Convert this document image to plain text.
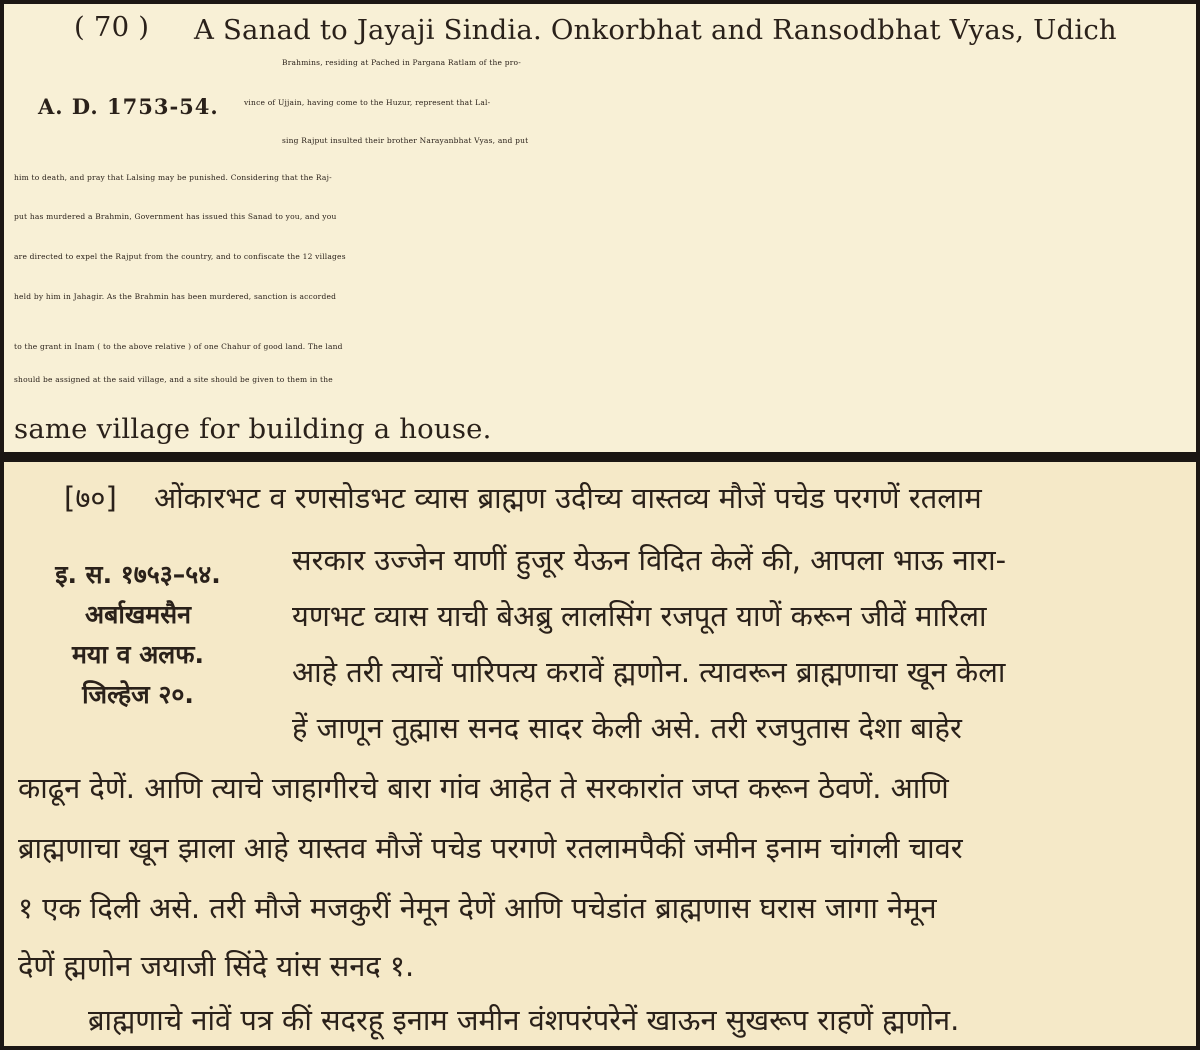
( 70 ) A Sanad to Jayaji Sindia. Onkorbhat and Ransodbhat Vyas, Udich
A. D. 1753-54.
Brahmins, residing at Pached in Pargana Ratlam of the pro-
vince of Ujjain, having come to the Huzur, represent that Lal-
sing Rajput insulted their brother Narayanbhat Vyas, and put
him to death, and pray that Lalsing may be punished. Considering that the Raj-
put has murdered a Brahmin, Government has issued this Sanad to you, and you
are directed to expel the Rajput from the country, and to confiscate the 12 villages
held by him in Jahagir. As the Brahmin has been murdered, sanction is accorded
to the grant in Inam ( to the above relative ) of one Chahur of good land. The land
should be assigned at the said village, and a site should be given to them in the
same village for building a house.
[७०] ओंकारभट व रणसोडभट व्यास ब्राह्मण उदीच्य वास्तव्य मौजें पचेड परगणें रतलाम
इ. स. १७५३–५४.
अर्बाखमसैन
मया व अलफ.
जिल्हेज २०.
सरकार उज्जेन याणीं हुजूर येऊन विदित केलें की, आपला भाऊ नारा-
यणभट व्यास याची बेअब्रु लालसिंग रजपूत याणें करून जीवें मारिला
आहे तरी त्याचें पारिपत्य करावें ह्मणोन. त्यावरून ब्राह्मणाचा खून केला
हें जाणून तुह्मास सनद सादर केली असे. तरी रजपुतास देशा बाहेर
काढून देणें. आणि त्याचे जाहागीरचे बारा गांव आहेत ते सरकारांत जप्त करून ठेवणें. आणि
ब्राह्मणाचा खून झाला आहे यास्तव मौजें पचेड परगणे रतलामपैकीं जमीन इनाम चांगली चावर
१ एक दिली असे. तरी मौजे मजकुरीं नेमून देणें आणि पचेडांत ब्राह्मणास घरास जागा नेमून
देणें ह्मणोन जयाजी सिंदे यांस सनद १.
ब्राह्मणाचे नांवें पत्र कीं सदरहू इनाम जमीन वंशपरंपरेनें खाऊन सुखरूप राहणें ह्मणोन.
